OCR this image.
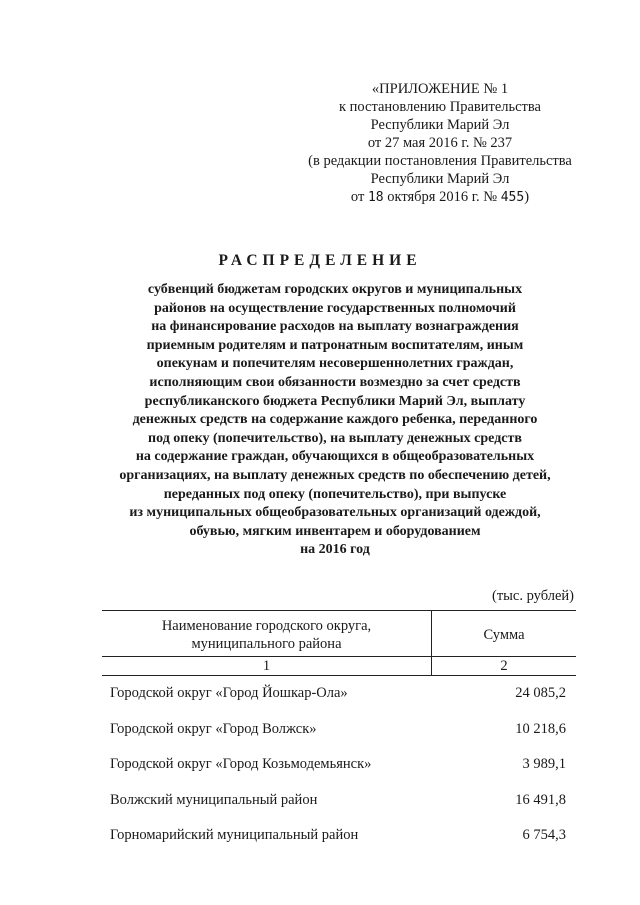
«ПРИЛОЖЕНИЕ № 1
к постановлению Правительства
Республики Марий Эл
от 27 мая 2016 г. № 237
(в редакции постановления Правительства
Республики Марий Эл
от 18 октября 2016 г. № 455)
РАСПРЕДЕЛЕНИЕ
субвенций бюджетам городских округов и муниципальных
районов на осуществление государственных полномочий
на финансирование расходов на выплату вознаграждения
приемным родителям и патронатным воспитателям, иным
опекунам и попечителям несовершеннолетних граждан,
исполняющим свои обязанности возмездно за счет средств
республиканского бюджета Республики Марий Эл, выплату
денежных средств на содержание каждого ребенка, переданного
под опеку (попечительство), на выплату денежных средств
на содержание граждан, обучающихся в общеобразовательных
организациях, на выплату денежных средств по обеспечению детей,
переданных под опеку (попечительство), при выпуске
из муниципальных общеобразовательных организаций одеждой,
обувью, мягким инвентарем и оборудованием
на 2016 год
(тыс. рублей)
Наименование городского округа,
муниципального района
Сумма
1	2
Городской округ «Город Йошкар-Ола»	24 085,2
Городской округ «Город Волжск»	10 218,6
Городской округ «Город Козьмодемьянск»	3 989,1
Волжский муниципальный район	16 491,8
Горномарийский муниципальный район	6 754,3
